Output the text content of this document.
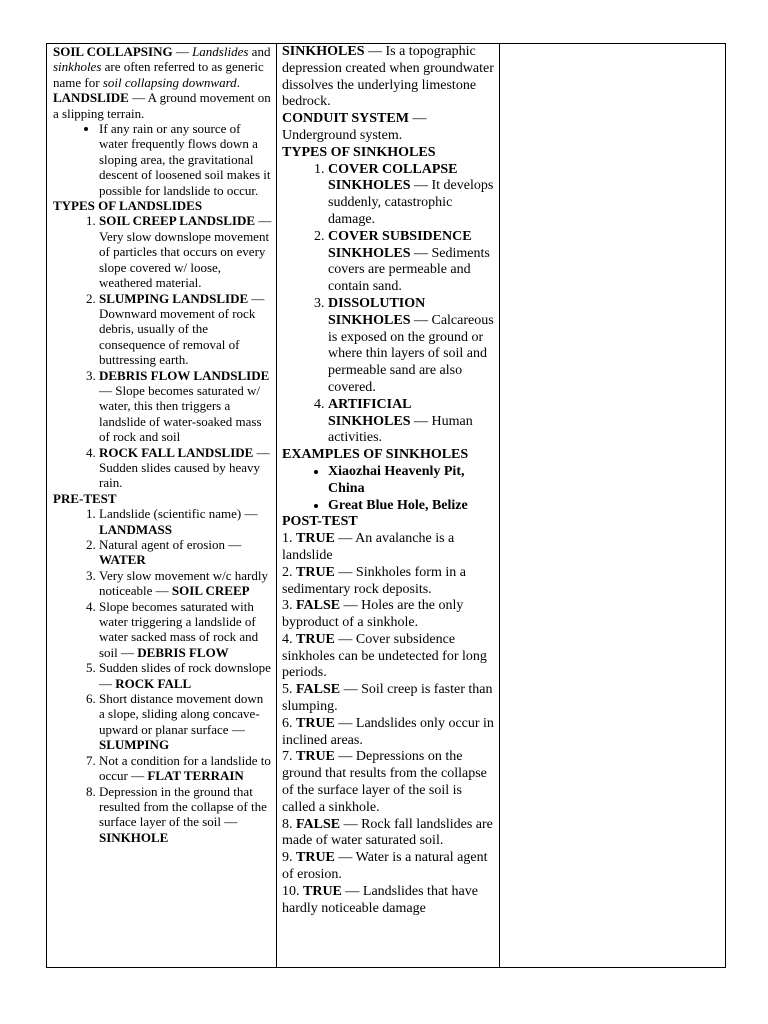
SOIL COLLAPSING — Landslides and sinkholes are often referred to as generic name for soil collapsing downward.

LANDSLIDE — A ground movement on a slipping terrain.

• If any rain or any source of water frequently flows down a sloping area, the gravitational descent of loosened soil makes it possible for landslide to occur.

TYPES OF LANDSLIDES

1. SOIL CREEP LANDSLIDE — Very slow downslope movement of particles that occurs on every slope covered w/ loose, weathered material.
2. SLUMPING LANDSLIDE — Downward movement of rock debris, usually of the consequence of removal of buttressing earth.
3. DEBRIS FLOW LANDSLIDE — Slope becomes saturated w/ water, this then triggers a landslide of water-soaked mass of rock and soil
4. ROCK FALL LANDSLIDE — Sudden slides caused by heavy rain.

PRE-TEST

1. Landslide (scientific name) — LANDMASS
2. Natural agent of erosion — WATER
3. Very slow movement w/c hardly noticeable — SOIL CREEP
4. Slope becomes saturated with water triggering a landslide of water sacked mass of rock and soil — DEBRIS FLOW
5. Sudden slides of rock downslope — ROCK FALL
6. Short distance movement down a slope, sliding along concave-upward or planar surface — SLUMPING
7. Not a condition for a landslide to occur — FLAT TERRAIN
8. Depression in the ground that resulted from the collapse of the surface layer of the soil — SINKHOLE

SINKHOLES — Is a topographic depression created when groundwater dissolves the underlying limestone bedrock.

CONDUIT SYSTEM — Underground system.

TYPES OF SINKHOLES

1. COVER COLLAPSE SINKHOLES — It develops suddenly, catastrophic damage.
2. COVER SUBSIDENCE SINKHOLES — Sediments covers are permeable and contain sand.
3. DISSOLUTION SINKHOLES — Calcareous is exposed on the ground or where thin layers of soil and permeable sand are also covered.
4. ARTIFICIAL SINKHOLES — Human activities.

EXAMPLES OF SINKHOLES

• Xiaozhai Heavenly Pit, China
• Great Blue Hole, Belize

POST-TEST

1. TRUE — An avalanche is a landslide

2. TRUE — Sinkholes form in a sedimentary rock deposits.

3. FALSE — Holes are the only byproduct of a sinkhole.

4. TRUE — Cover subsidence sinkholes can be undetected for long periods.

5. FALSE — Soil creep is faster than slumping.

6. TRUE — Landslides only occur in inclined areas.

7. TRUE — Depressions on the ground that results from the collapse of the surface layer of the soil is called a sinkhole.

8. FALSE — Rock fall landslides are made of water saturated soil.

9. TRUE — Water is a natural agent of erosion.

10. TRUE — Landslides that have hardly noticeable damage
